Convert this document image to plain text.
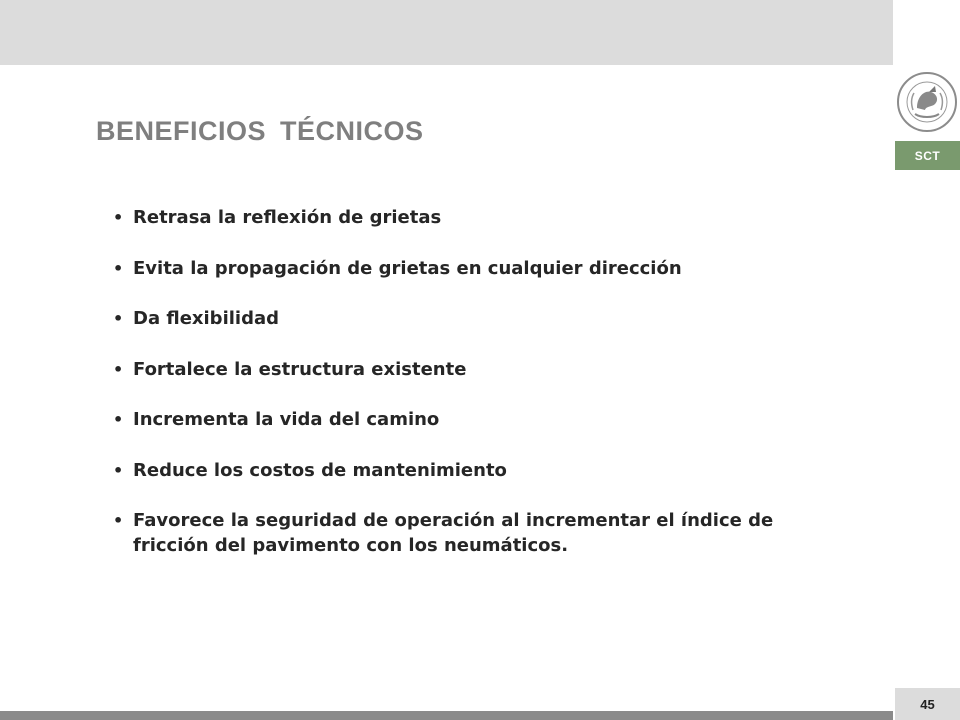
SCT
BENEFICIOS TÉCNICOS
• Retrasa la reflexión de grietas
• Evita la propagación de grietas en cualquier dirección
• Da flexibilidad
• Fortalece la estructura existente
• Incrementa la vida del camino
• Reduce los costos de mantenimiento
• Favorece la seguridad de operación al incrementar el índice de fricción del pavimento con los neumáticos.
45
